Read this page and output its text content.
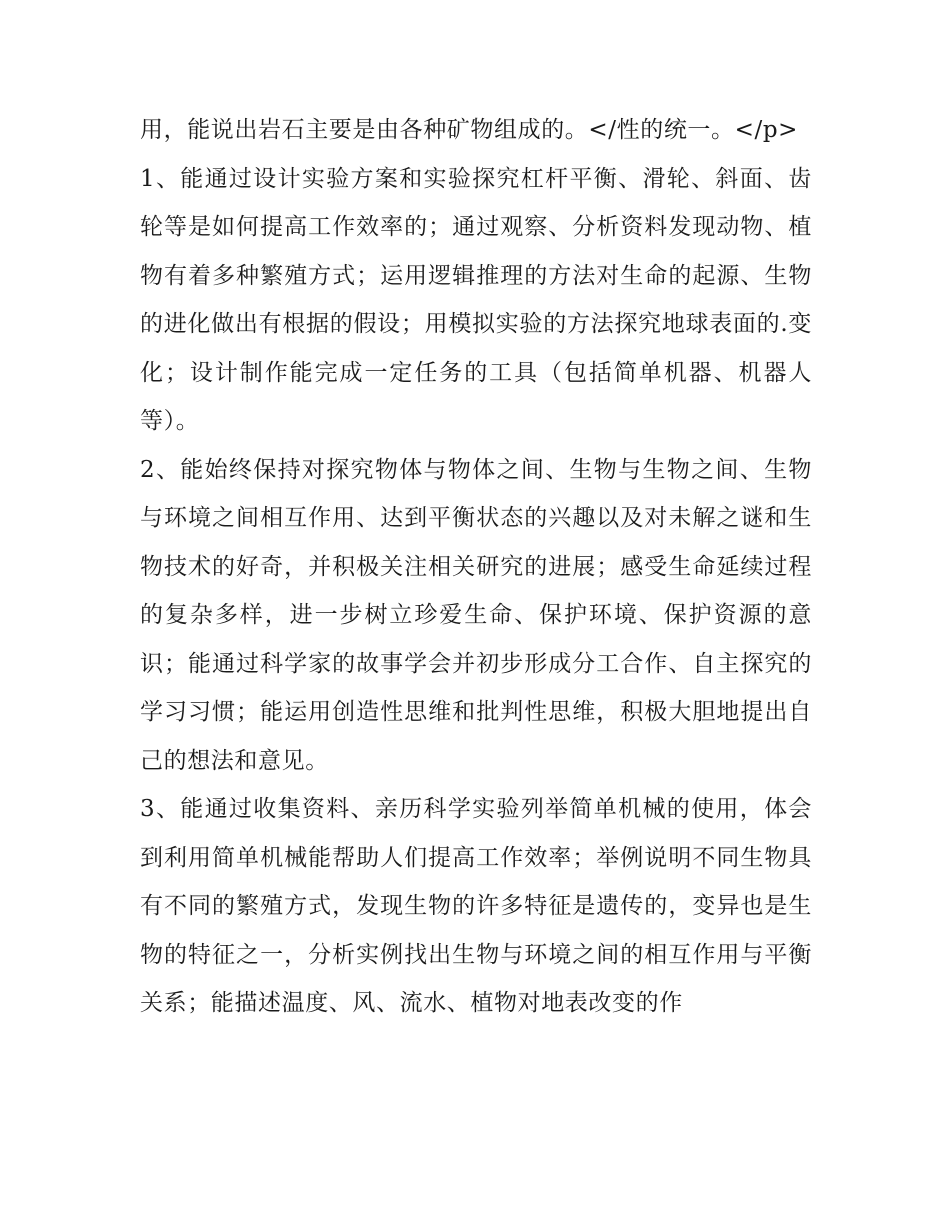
用，能说出岩石主要是由各种矿物组成的。</性的统一。</p>

1、能通过设计实验方案和实验探究杠杆平衡、滑轮、斜面、齿轮等是如何提高工作效率的；通过观察、分析资料发现动物、植物有着多种繁殖方式；运用逻辑推理的方法对生命的起源、生物的进化做出有根据的假设；用模拟实验的方法探究地球表面的.变化；设计制作能完成一定任务的工具（包括简单机器、机器人等）。

2、能始终保持对探究物体与物体之间、生物与生物之间、生物与环境之间相互作用、达到平衡状态的兴趣以及对未解之谜和生物技术的好奇，并积极关注相关研究的进展；感受生命延续过程的复杂多样，进一步树立珍爱生命、保护环境、保护资源的意识；能通过科学家的故事学会并初步形成分工合作、自主探究的学习习惯；能运用创造性思维和批判性思维，积极大胆地提出自己的想法和意见。

3、能通过收集资料、亲历科学实验列举简单机械的使用，体会到利用简单机械能帮助人们提高工作效率；举例说明不同生物具有不同的繁殖方式，发现生物的许多特征是遗传的，变异也是生物的特征之一，分析实例找出生物与环境之间的相互作用与平衡关系；能描述温度、风、流水、植物对地表改变的作
